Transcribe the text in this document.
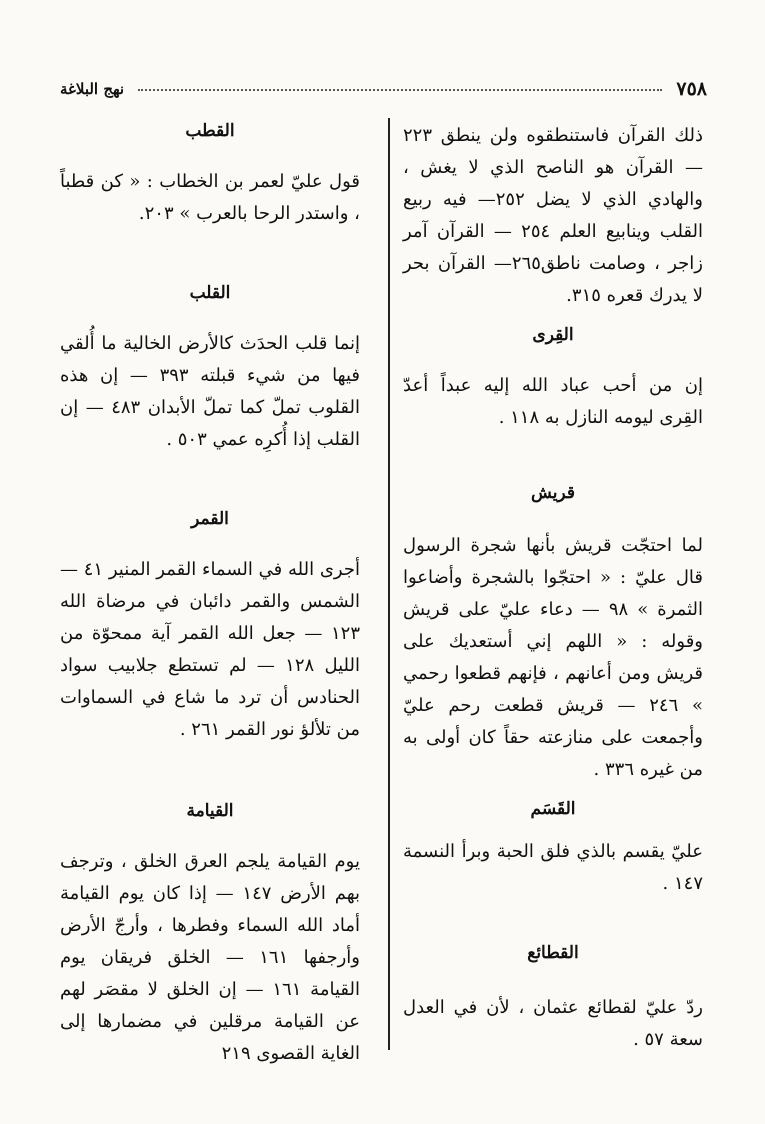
٧٥٨
نهج البلاغة

ذلك القرآن فاستنطقوه ولن ينطق ٢٢٣ — القرآن هو الناصح الذي لا يغش ، والهادي الذي لا يضل ٢٥٢— فيه ربيع القلب وينابيع العلم ٢٥٤ — القرآن آمر زاجر ، وصامت ناطق٢٦٥— القرآن بحر لا يدرك قعره ٣١٥.

القِرى

إن من أحب عباد الله إليه عبداً أعدّ القِرى ليومه النازل به ١١٨ .

قريش

لما احتجّت قريش بأنها شجرة الرسول قال عليّ : « احتجّوا بالشجرة وأضاعوا الثمرة » ٩٨ — دعاء عليّ على قريش وقوله : « اللهم إني أستعديك على قريش ومن أعانهم ، فإنهم قطعوا رحمي » ٢٤٦ — قريش قطعت رحم عليّ وأجمعت على منازعته حقاً كان أولى به من غيره ٣٣٦ .

القَسَم

عليّ يقسم بالذي فلق الحبة وبرأ النسمة ١٤٧ .

القطائع

ردّ عليّ لقطائع عثمان ، لأن في العدل سعة ٥٧ .

القطب

قول عليّ لعمر بن الخطاب : « كن قطباً ، واستدر الرحا بالعرب » ٢٠٣.

القلب

إنما قلب الحدَث كالأرض الخالية ما أُلقي فيها من شيء قبلته ٣٩٣ — إن هذه القلوب تملّ كما تملّ الأبدان ٤٨٣ — إن القلب إذا أُكرِه عمي ٥٠٣ .

القمر

أجرى الله في السماء القمر المنير ٤١ — الشمس والقمر دائبان في مرضاة الله ١٢٣ — جعل الله القمر آية ممحوّة من الليل ١٢٨ — لم تستطع جلابيب سواد الحنادس أن ترد ما شاع في السماوات من تلألؤ نور القمر ٢٦١ .

القيامة

يوم القيامة يلجم العرق الخلق ، وترجف بهم الأرض ١٤٧ — إذا كان يوم القيامة أماد الله السماء وفطرها ، وأرجّ الأرض وأرجفها ١٦١ — الخلق فريقان يوم القيامة ١٦١ — إن الخلق لا مقصَر لهم عن القيامة مرقلين في مضمارها إلى الغاية القصوى ٢١٩
